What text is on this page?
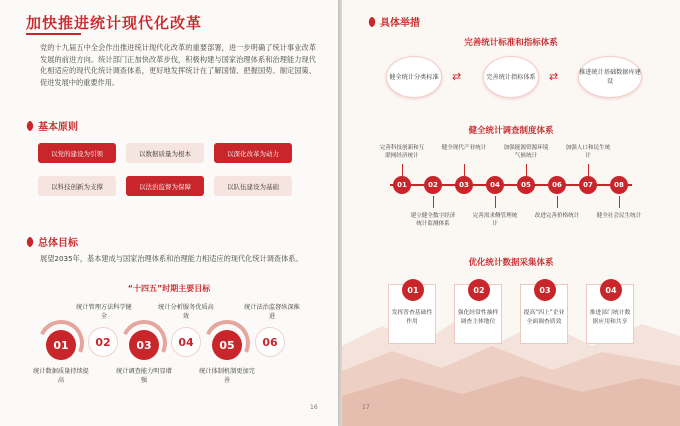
加快推进统计现代化改革
党的十九届五中全会作出推进统计现代化改革的重要部署，进一步明确了统计事业改革发展的前进方向。统计部门正加快改革步伐，积极构建与国家治理体系和治理能力现代化相适应的现代化统计调查体系，更好地发挥统计在了解国情、把握国势、制定国策、促进发展中的重要作用。
基本原则
以党的建设为引领	以数据质量为根本	以深化改革为动力
以科技创新为支撑	以法治监督为保障	以队伍建设为基础
总体目标
展望2035年，基本建成与国家治理体系和治理能力相适应的现代化统计调查体系。
“十四五”时期主要目标
统计管理方法科学健全
统计分析服务优质高效
统计法治监督纵深推进
01	02	03	04	05	06
统计数据质量持续提高
统计调查能力明显增强
统计体制机制更加完善
16
具体举措
完善统计标准和指标体系
健全统计分类标准 ⇄	完善统计指标体系 ⇄	推进统计基础数据库建设
健全统计调查制度体系
完善科技创新和互联网经济统计
健全现代产业统计	加强能源资源环境气候统计
加强人口和民生统计
01	02	03	04	05	06	07	08
建立健全数字经济统计监测体系
完善需求侧管理统计
改进完善价格统计	健全社会民生统计
优化统计数据采集体系
01
发挥普查基础性作用
02
强化经常性抽样调查主体地位
03
提高“四上”企业全面调查质效
04
推进部门统计数据应用和共享
17
